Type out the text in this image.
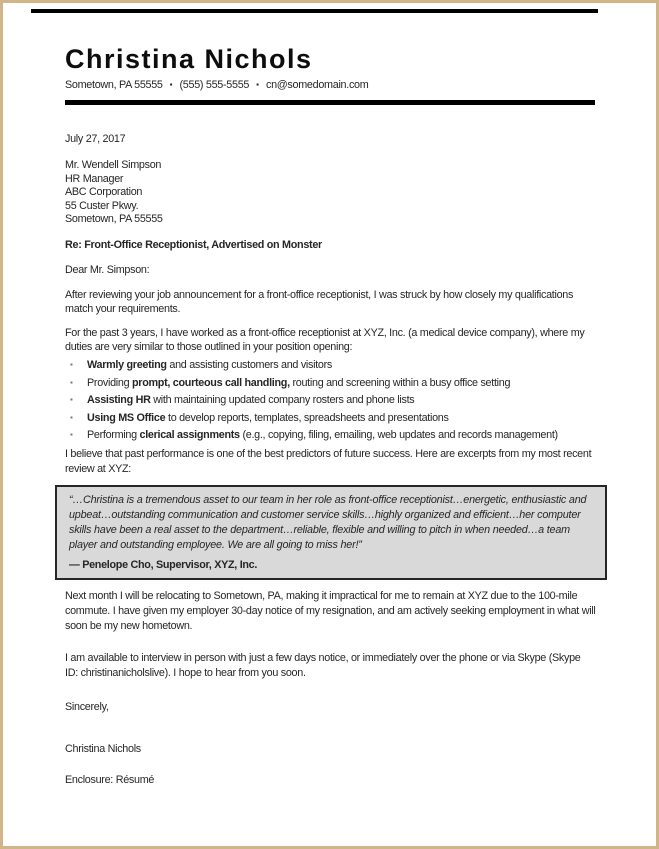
Christina Nichols
Sometown, PA 55555 ▪ (555) 555-5555 ▪ cn@somedomain.com
July 27, 2017
Mr. Wendell Simpson
HR Manager
ABC Corporation
55 Custer Pkwy.
Sometown, PA 55555
Re: Front-Office Receptionist, Advertised on Monster
Dear Mr. Simpson:
After reviewing your job announcement for a front-office receptionist, I was struck by how closely my qualifications match your requirements.
For the past 3 years, I have worked as a front-office receptionist at XYZ, Inc. (a medical device company), where my duties are very similar to those outlined in your position opening:
▪	Warmly greeting and assisting customers and visitors
▪	Providing prompt, courteous call handling, routing and screening within a busy office setting
▪	Assisting HR with maintaining updated company rosters and phone lists
▪	Using MS Office to develop reports, templates, spreadsheets and presentations
▪	Performing clerical assignments (e.g., copying, filing, emailing, web updates and records management)
I believe that past performance is one of the best predictors of future success. Here are excerpts from my most recent review at XYZ:
“…Christina is a tremendous asset to our team in her role as front-office receptionist…energetic, enthusiastic and upbeat…outstanding communication and customer service skills…highly organized and efficient…her computer skills have been a real asset to the department…reliable, flexible and willing to pitch in when needed…a team player and outstanding employee. We are all going to miss her!”
— Penelope Cho, Supervisor, XYZ, Inc.
Next month I will be relocating to Sometown, PA, making it impractical for me to remain at XYZ due to the 100-mile commute. I have given my employer 30-day notice of my resignation, and am actively seeking employment in what will soon be my new hometown.
I am available to interview in person with just a few days notice, or immediately over the phone or via Skype (Skype ID: christinanicholslive). I hope to hear from you soon.
Sincerely,
Christina Nichols
Enclosure: Résumé
